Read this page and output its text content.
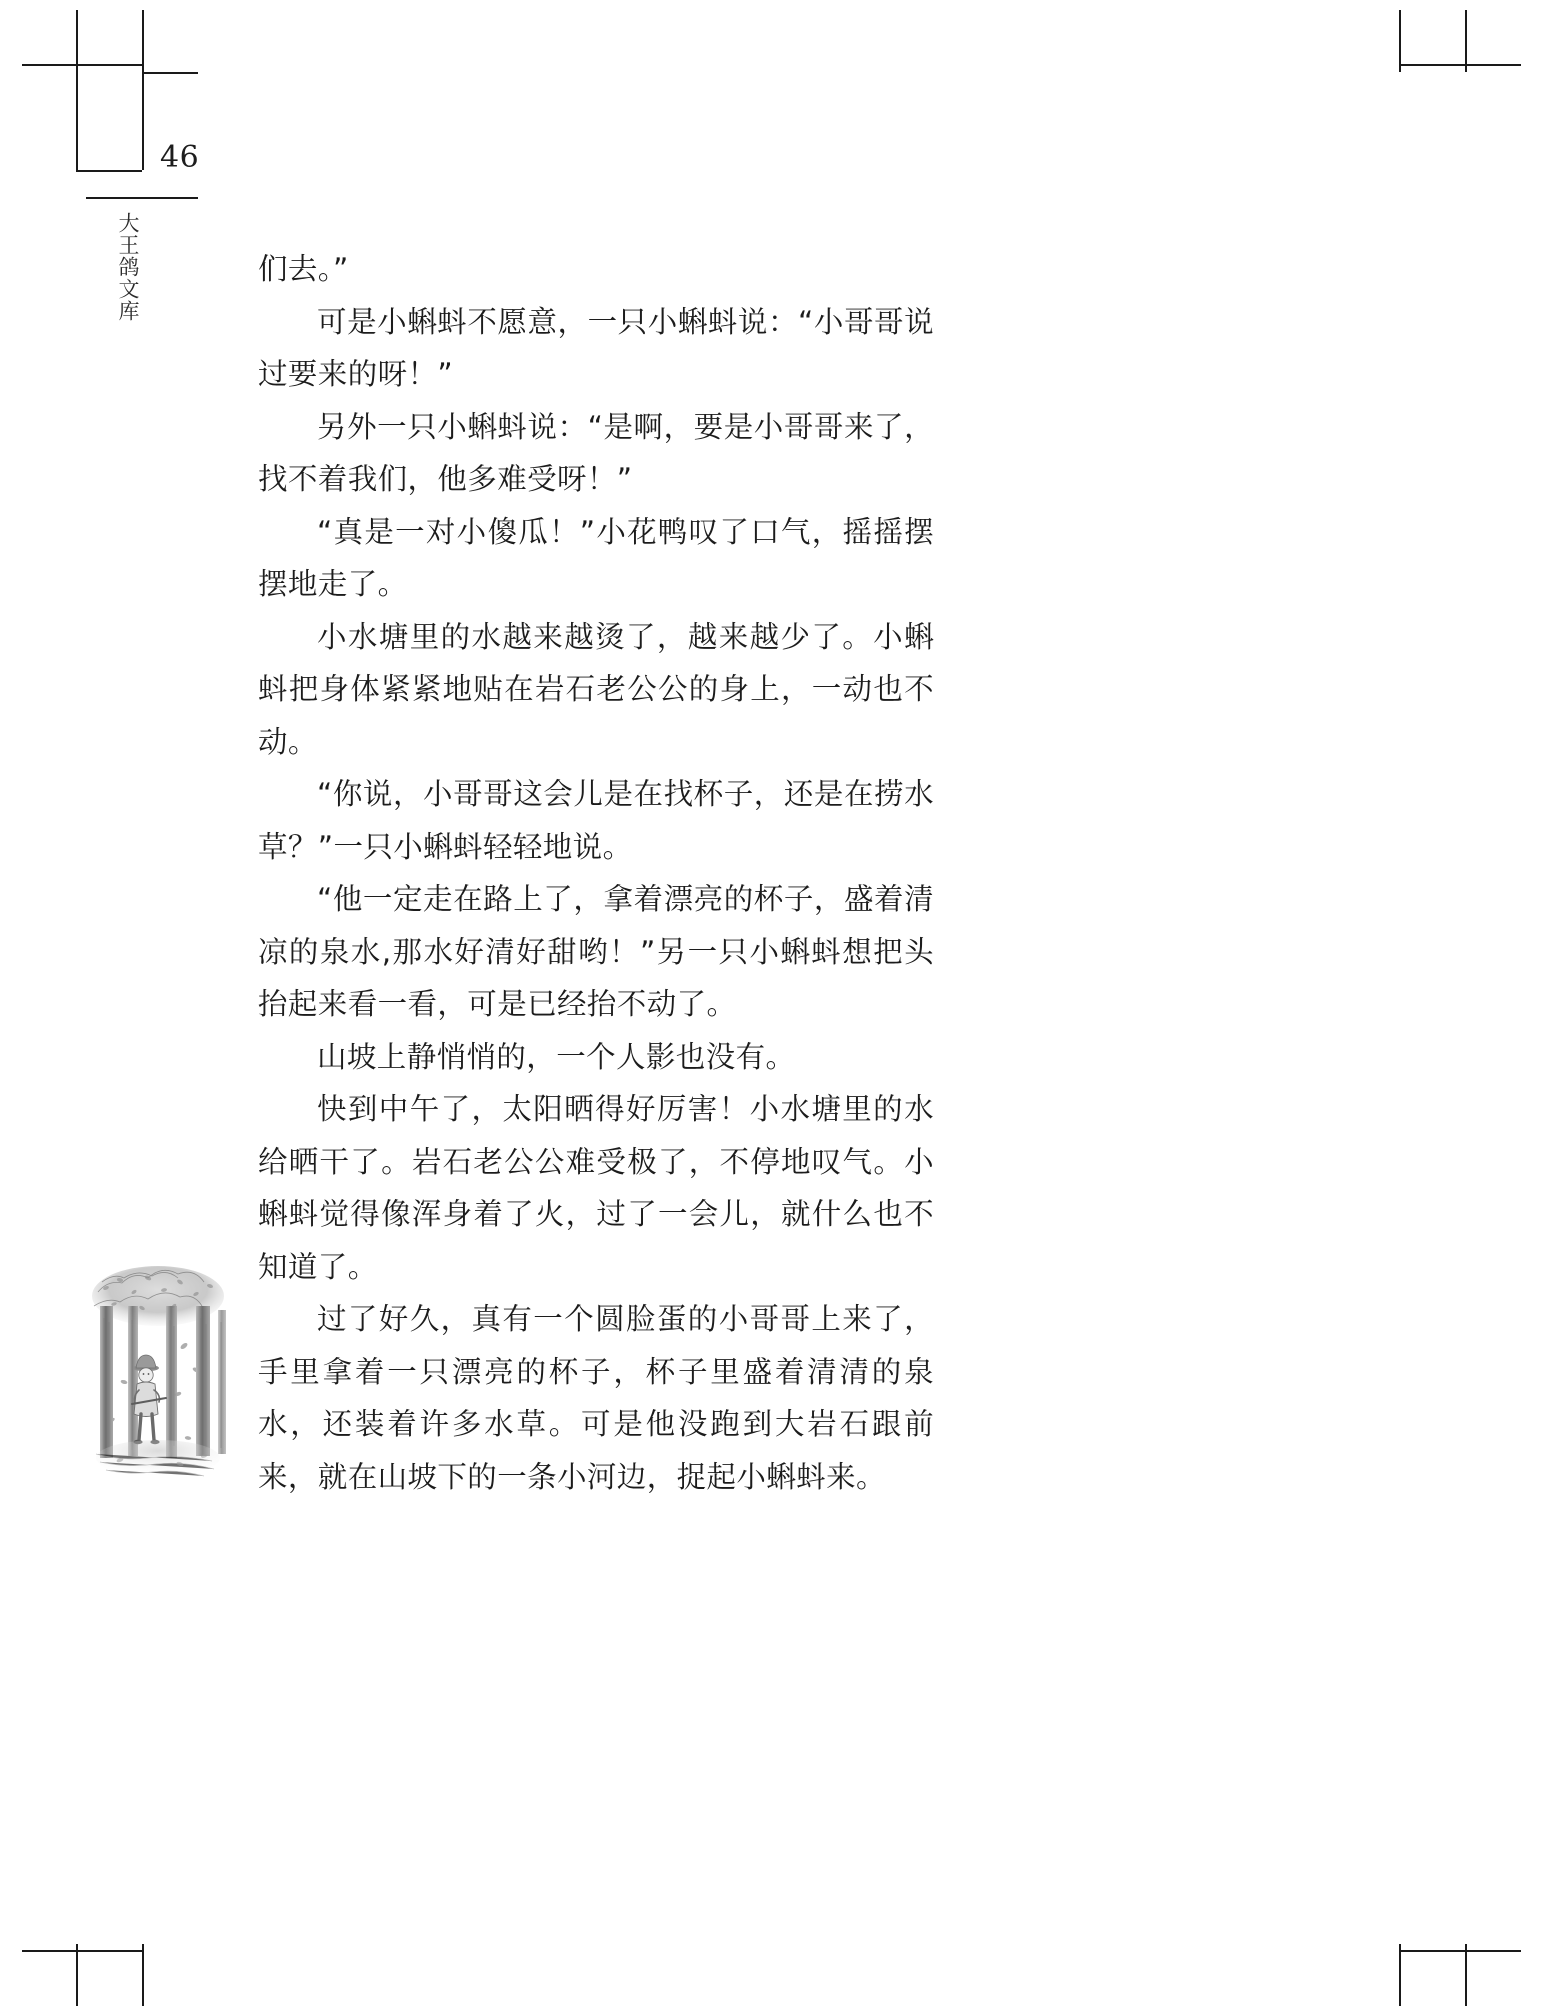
46
大王鸽文库	们去。”

可是小蝌蚪不愿意，一只小蝌蚪说：“小哥哥说过要来的呀！”

另外一只小蝌蚪说：“是啊，要是小哥哥来了，找不着我们，他多难受呀！”

“真是一对小傻瓜！”小花鸭叹了口气，摇摇摆摆地走了。

小水塘里的水越来越烫了，越来越少了。小蝌蚪把身体紧紧地贴在岩石老公公的身上，一动也不动。

“你说，小哥哥这会儿是在找杯子，还是在捞水草？”一只小蝌蚪轻轻地说。

“他一定走在路上了，拿着漂亮的杯子，盛着清凉的泉水,那水好清好甜哟！”另一只小蝌蚪想把头抬起来看一看，可是已经抬不动了。

山坡上静悄悄的，一个人影也没有。

快到中午了，太阳晒得好厉害！小水塘里的水给晒干了。岩石老公公难受极了，不停地叹气。小蝌蚪觉得像浑身着了火，过了一会儿，就什么也不知道了。

过了好久，真有一个圆脸蛋的小哥哥上来了，手里拿着一只漂亮的杯子，杯子里盛着清清的泉水，还装着许多水草。可是他没跑到大岩石跟前来，就在山坡下的一条小河边，捉起小蝌蚪来。
